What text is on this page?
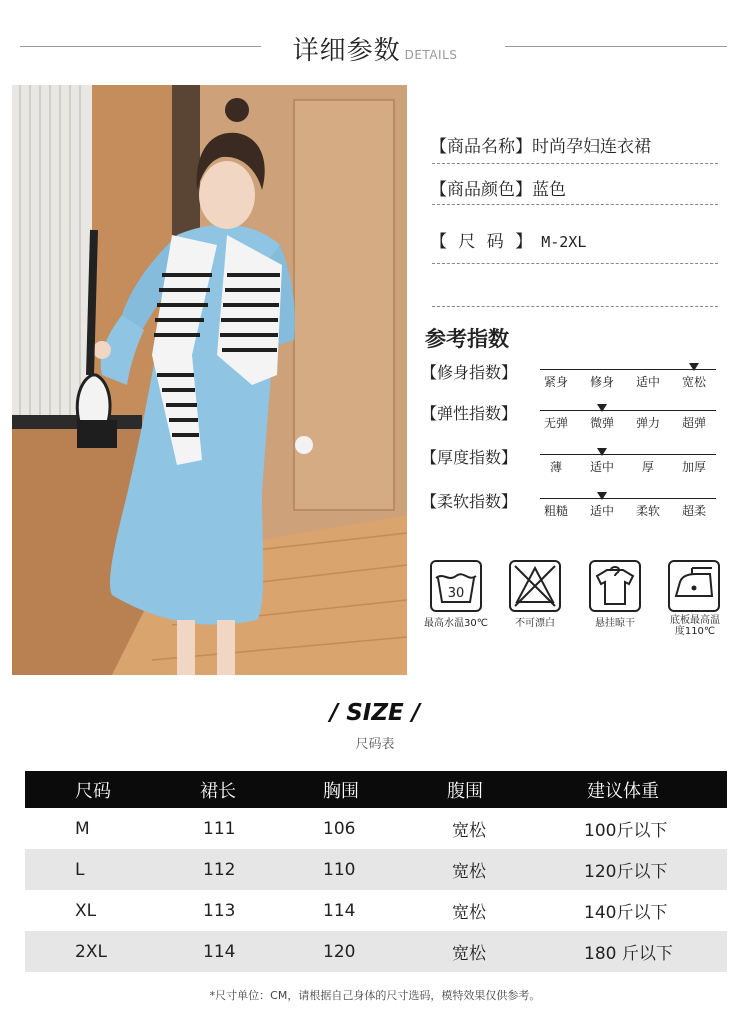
详细参数 DETAILS
【商品名称】时尚孕妇连衣裙
【商品颜色】蓝色
【 尺 码 】 M-2XL
参考指数
【修身指数】	紧身	修身	适中	宽松
【弹性指数】	无弹	微弹	弹力	超弹
【厚度指数】	薄	适中	厚	加厚
【柔软指数】	粗糙	适中	柔软	超柔
30
最高水温30℃	不可漂白	悬挂晾干	底板最高温度110℃
/ SIZE /
尺码表
尺码	裙长	胸围	腹围	建议体重
M	111	106	宽松	100斤以下
L	112	110	宽松	120斤以下
XL	113	114	宽松	140斤以下
2XL	114	120	宽松	180 斤以下
*尺寸单位：CM，请根据自己身体的尺寸选码，模特效果仅供参考。
